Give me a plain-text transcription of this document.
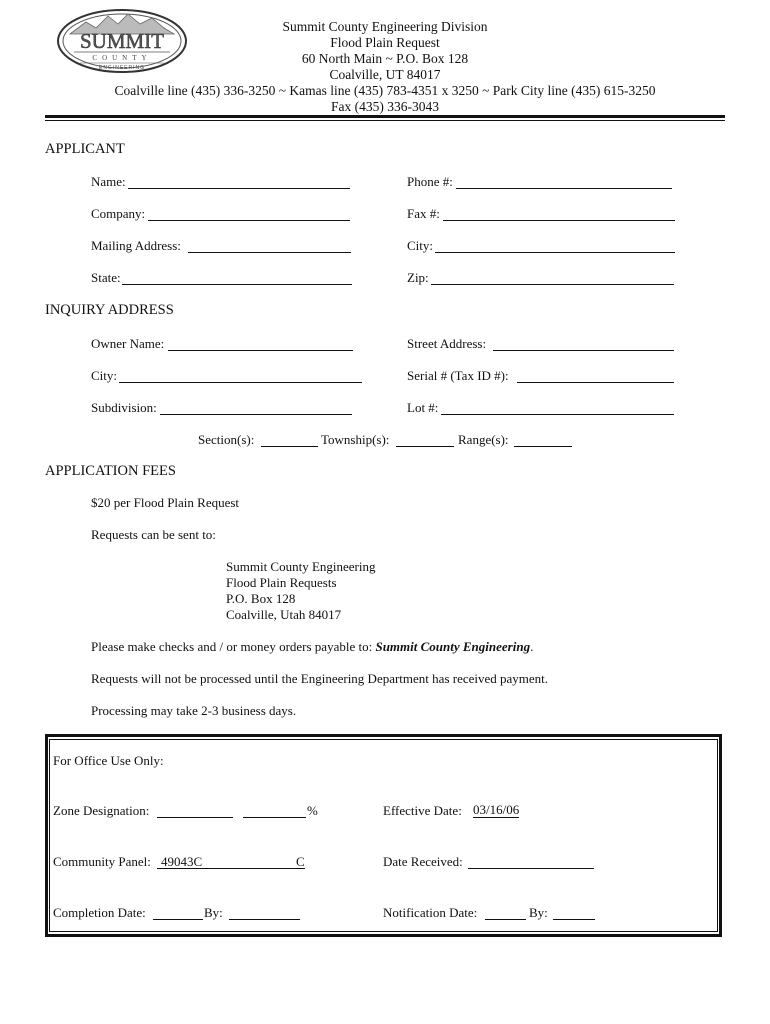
SUMMIT
COUNTY
ENGINEERING
Summit County Engineering Division
Flood Plain Request
60 North Main ~ P.O. Box 128
Coalville, UT 84017
Coalville line (435) 336-3250 ~ Kamas line (435) 783-4351 x 3250 ~ Park City line (435) 615-3250
Fax (435) 336-3043
APPLICANT
Name:	Phone #:
Company:	Fax #:
Mailing Address:	City:
State:	Zip:
INQUIRY ADDRESS
Owner Name:	Street Address:
City:	Serial # (Tax ID #):
Subdivision:	Lot #:
Section(s):	Township(s):	Range(s):
APPLICATION FEES
$20 per Flood Plain Request
Requests can be sent to:
Summit County Engineering
Flood Plain Requests
P.O. Box 128
Coalville, Utah 84017
Please make checks and / or money orders payable to: Summit County Engineering.
Requests will not be processed until the Engineering Department has received payment.
Processing may take 2-3 business days.
For Office Use Only:
Zone Designation:	%	Effective Date: 03/16/06
Community Panel: 49043C	C	Date Received:
Completion Date:	By:	Notification Date:	By:
